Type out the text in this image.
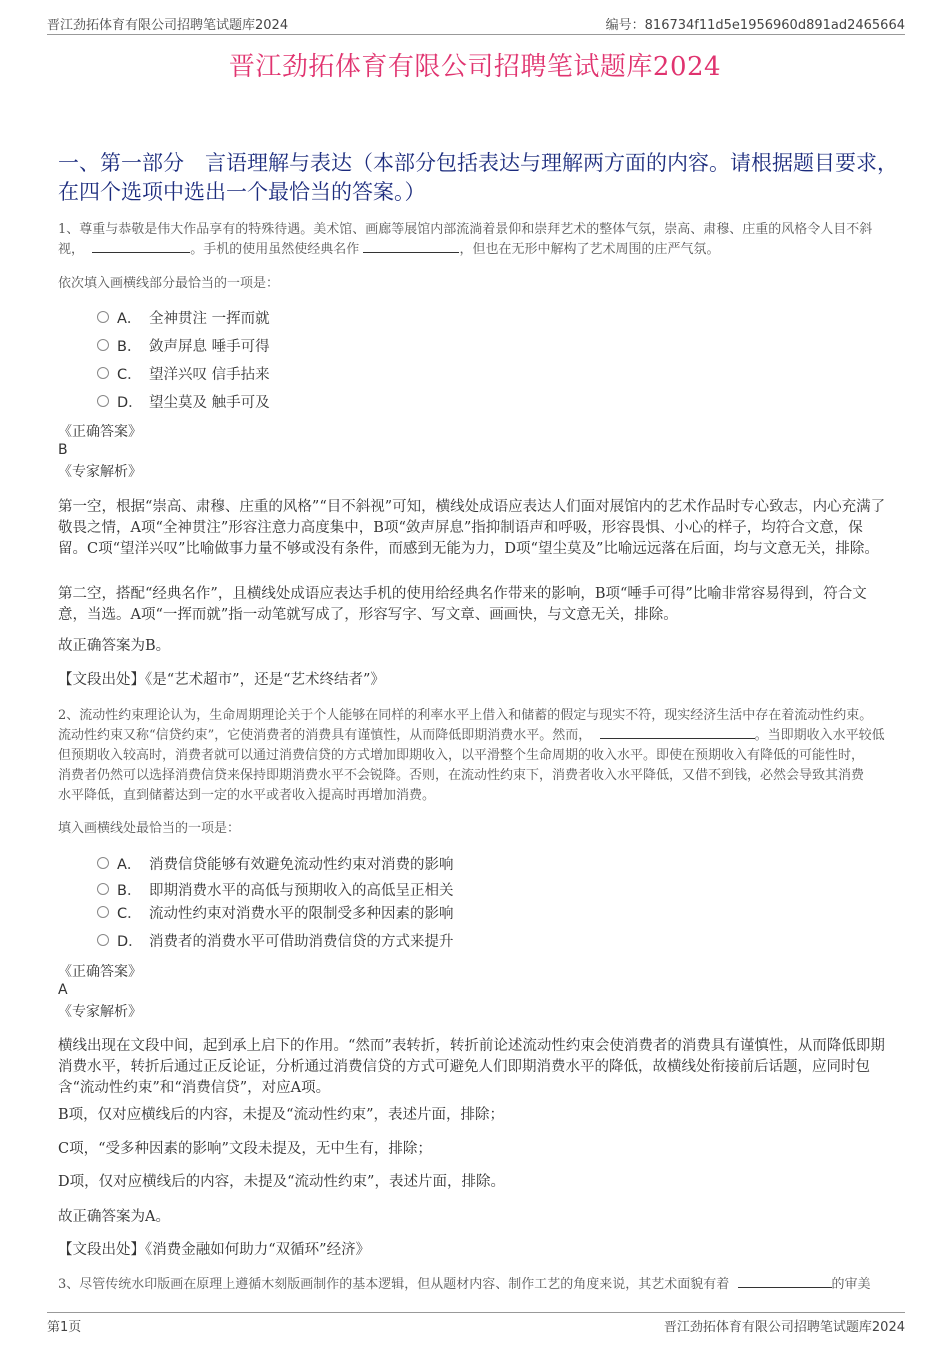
晋江劲拓体育有限公司招聘笔试题库2024	编号：816734f11d5e1956960d891ad2465664
晋江劲拓体育有限公司招聘笔试题库2024
一、第一部分　言语理解与表达（本部分包括表达与理解两方面的内容。请根据题目要求，在四个选项中选出一个最恰当的答案。）
1、尊重与恭敬是伟大作品享有的特殊待遇。美术馆、画廊等展馆内部流淌着景仰和崇拜艺术的整体气氛，崇高、肃穆、庄重的风格令人目不斜
视，	。手机的使用虽然使经典名作	，但也在无形中解构了艺术周围的庄严气氛。
依次填入画横线部分最恰当的一项是：
A． 全神贯注 一挥而就
B． 敛声屏息 唾手可得
C． 望洋兴叹 信手拈来
D． 望尘莫及 触手可及
《正确答案》
B
《专家解析》
第一空，根据“崇高、肃穆、庄重的风格”“目不斜视”可知，横线处成语应表达人们面对展馆内的艺术作品时专心致志，内心充满了敬畏之情，A项“全神贯注”形容注意力高度集中，B项“敛声屏息”指抑制语声和呼吸，形容畏惧、小心的样子，均符合文意，保留。C项“望洋兴叹”比喻做事力量不够或没有条件，而感到无能为力，D项“望尘莫及”比喻远远落在后面，均与文意无关，排除。
第二空，搭配“经典名作”，且横线处成语应表达手机的使用给经典名作带来的影响，B项“唾手可得”比喻非常容易得到，符合文意，当选。A项“一挥而就”指一动笔就写成了，形容写字、写文章、画画快，与文意无关，排除。
故正确答案为B。
【文段出处】《是“艺术超市”，还是“艺术终结者”》
2、流动性约束理论认为，生命周期理论关于个人能够在同样的利率水平上借入和储蓄的假定与现实不符，现实经济生活中存在着流动性约束。
流动性约束又称“信贷约束”，它使消费者的消费具有谨慎性，从而降低即期消费水平。然而，	。当即期收入水平较低
但预期收入较高时，消费者就可以通过消费信贷的方式增加即期收入，以平滑整个生命周期的收入水平。即使在预期收入有降低的可能性时，
消费者仍然可以选择消费信贷来保持即期消费水平不会锐降。否则，在流动性约束下，消费者收入水平降低，又借不到钱，必然会导致其消费
水平降低，直到储蓄达到一定的水平或者收入提高时再增加消费。
填入画横线处最恰当的一项是：
A． 消费信贷能够有效避免流动性约束对消费的影响
B． 即期消费水平的高低与预期收入的高低呈正相关
C． 流动性约束对消费水平的限制受多种因素的影响
D． 消费者的消费水平可借助消费信贷的方式来提升
《正确答案》
A
《专家解析》
横线出现在文段中间，起到承上启下的作用。“然而”表转折，转折前论述流动性约束会使消费者的消费具有谨慎性，从而降低即期消费水平，转折后通过正反论证，分析通过消费信贷的方式可避免人们即期消费水平的降低，故横线处衔接前后话题，应同时包含“流动性约束”和“消费信贷”，对应A项。
B项，仅对应横线后的内容，未提及“流动性约束”，表述片面，排除；
C项，“受多种因素的影响”文段未提及，无中生有，排除；
D项，仅对应横线后的内容，未提及“流动性约束”，表述片面，排除。
故正确答案为A。
【文段出处】《消费金融如何助力“双循环”经济》
3、尽管传统水印版画在原理上遵循木刻版画制作的基本逻辑，但从题材内容、制作工艺的角度来说，其艺术面貌有着	的审美
第1页	晋江劲拓体育有限公司招聘笔试题库2024
